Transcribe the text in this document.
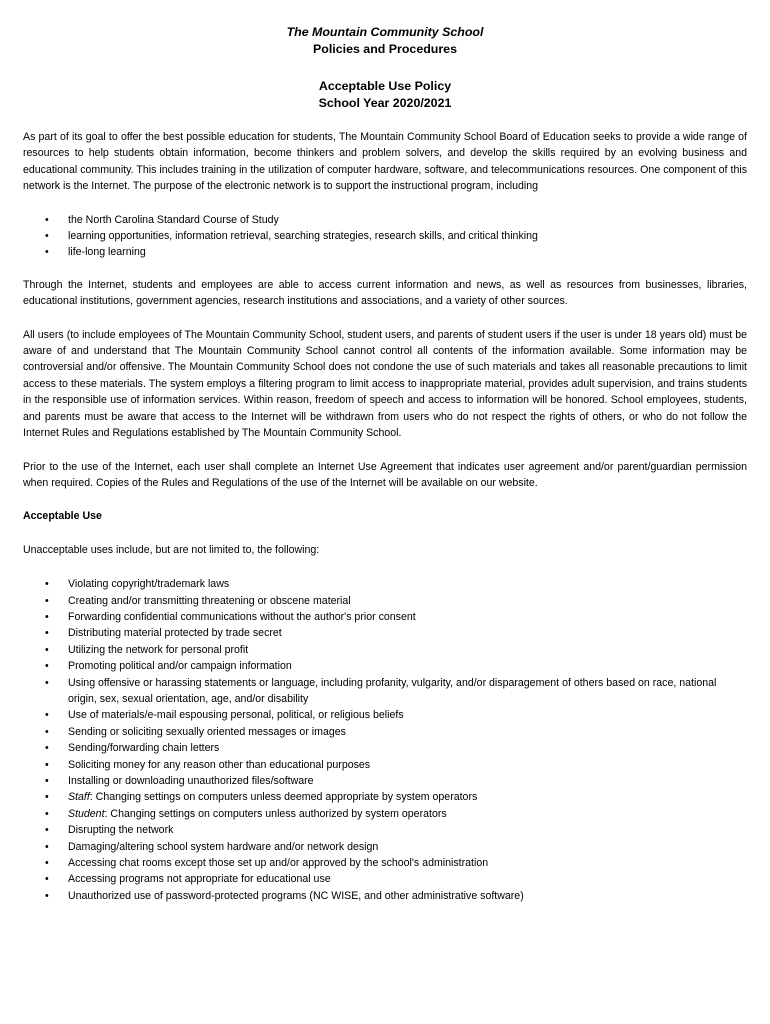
The Mountain Community School
Policies and Procedures
Acceptable Use Policy
School Year 2020/2021

As part of its goal to offer the best possible education for students, The Mountain Community School Board of Education seeks to provide a wide range of resources to help students obtain information, become thinkers and problem solvers, and develop the skills required by an evolving business and educational community. This includes training in the utilization of computer hardware, software, and telecommunications resources. One component of this network is the Internet. The purpose of the electronic network is to support the instructional program, including

• the North Carolina Standard Course of Study
• learning opportunities, information retrieval, searching strategies, research skills, and critical thinking
• life-long learning

Through the Internet, students and employees are able to access current information and news, as well as resources from businesses, libraries, educational institutions, government agencies, research institutions and associations, and a variety of other sources.

All users (to include employees of The Mountain Community School, student users, and parents of student users if the user is under 18 years old) must be aware of and understand that The Mountain Community School cannot control all contents of the information available. Some information may be controversial and/or offensive. The Mountain Community School does not condone the use of such materials and takes all reasonable precautions to limit access to these materials. The system employs a filtering program to limit access to inappropriate material, provides adult supervision, and trains students in the responsible use of information services. Within reason, freedom of speech and access to information will be honored. School employees, students, and parents must be aware that access to the Internet will be withdrawn from users who do not respect the rights of others, or who do not follow the Internet Rules and Regulations established by The Mountain Community School.

Prior to the use of the Internet, each user shall complete an Internet Use Agreement that indicates user agreement and/or parent/guardian permission when required. Copies of the Rules and Regulations of the use of the Internet will be available on our website.

Acceptable Use

Unacceptable uses include, but are not limited to, the following:

• Violating copyright/trademark laws
• Creating and/or transmitting threatening or obscene material
• Forwarding confidential communications without the author's prior consent
• Distributing material protected by trade secret
• Utilizing the network for personal profit
• Promoting political and/or campaign information
• Using offensive or harassing statements or language, including profanity, vulgarity, and/or disparagement of others based on race, national origin, sex, sexual orientation, age, and/or disability
• Use of materials/e-mail espousing personal, political, or religious beliefs
• Sending or soliciting sexually oriented messages or images
• Sending/forwarding chain letters
• Soliciting money for any reason other than educational purposes
• Installing or downloading unauthorized files/software
• Staff: Changing settings on computers unless deemed appropriate by system operators
• Student: Changing settings on computers unless authorized by system operators
• Disrupting the network
• Damaging/altering school system hardware and/or network design
• Accessing chat rooms except those set up and/or approved by the school's administration
• Accessing programs not appropriate for educational use
• Unauthorized use of password-protected programs (NC WISE, and other administrative software)
